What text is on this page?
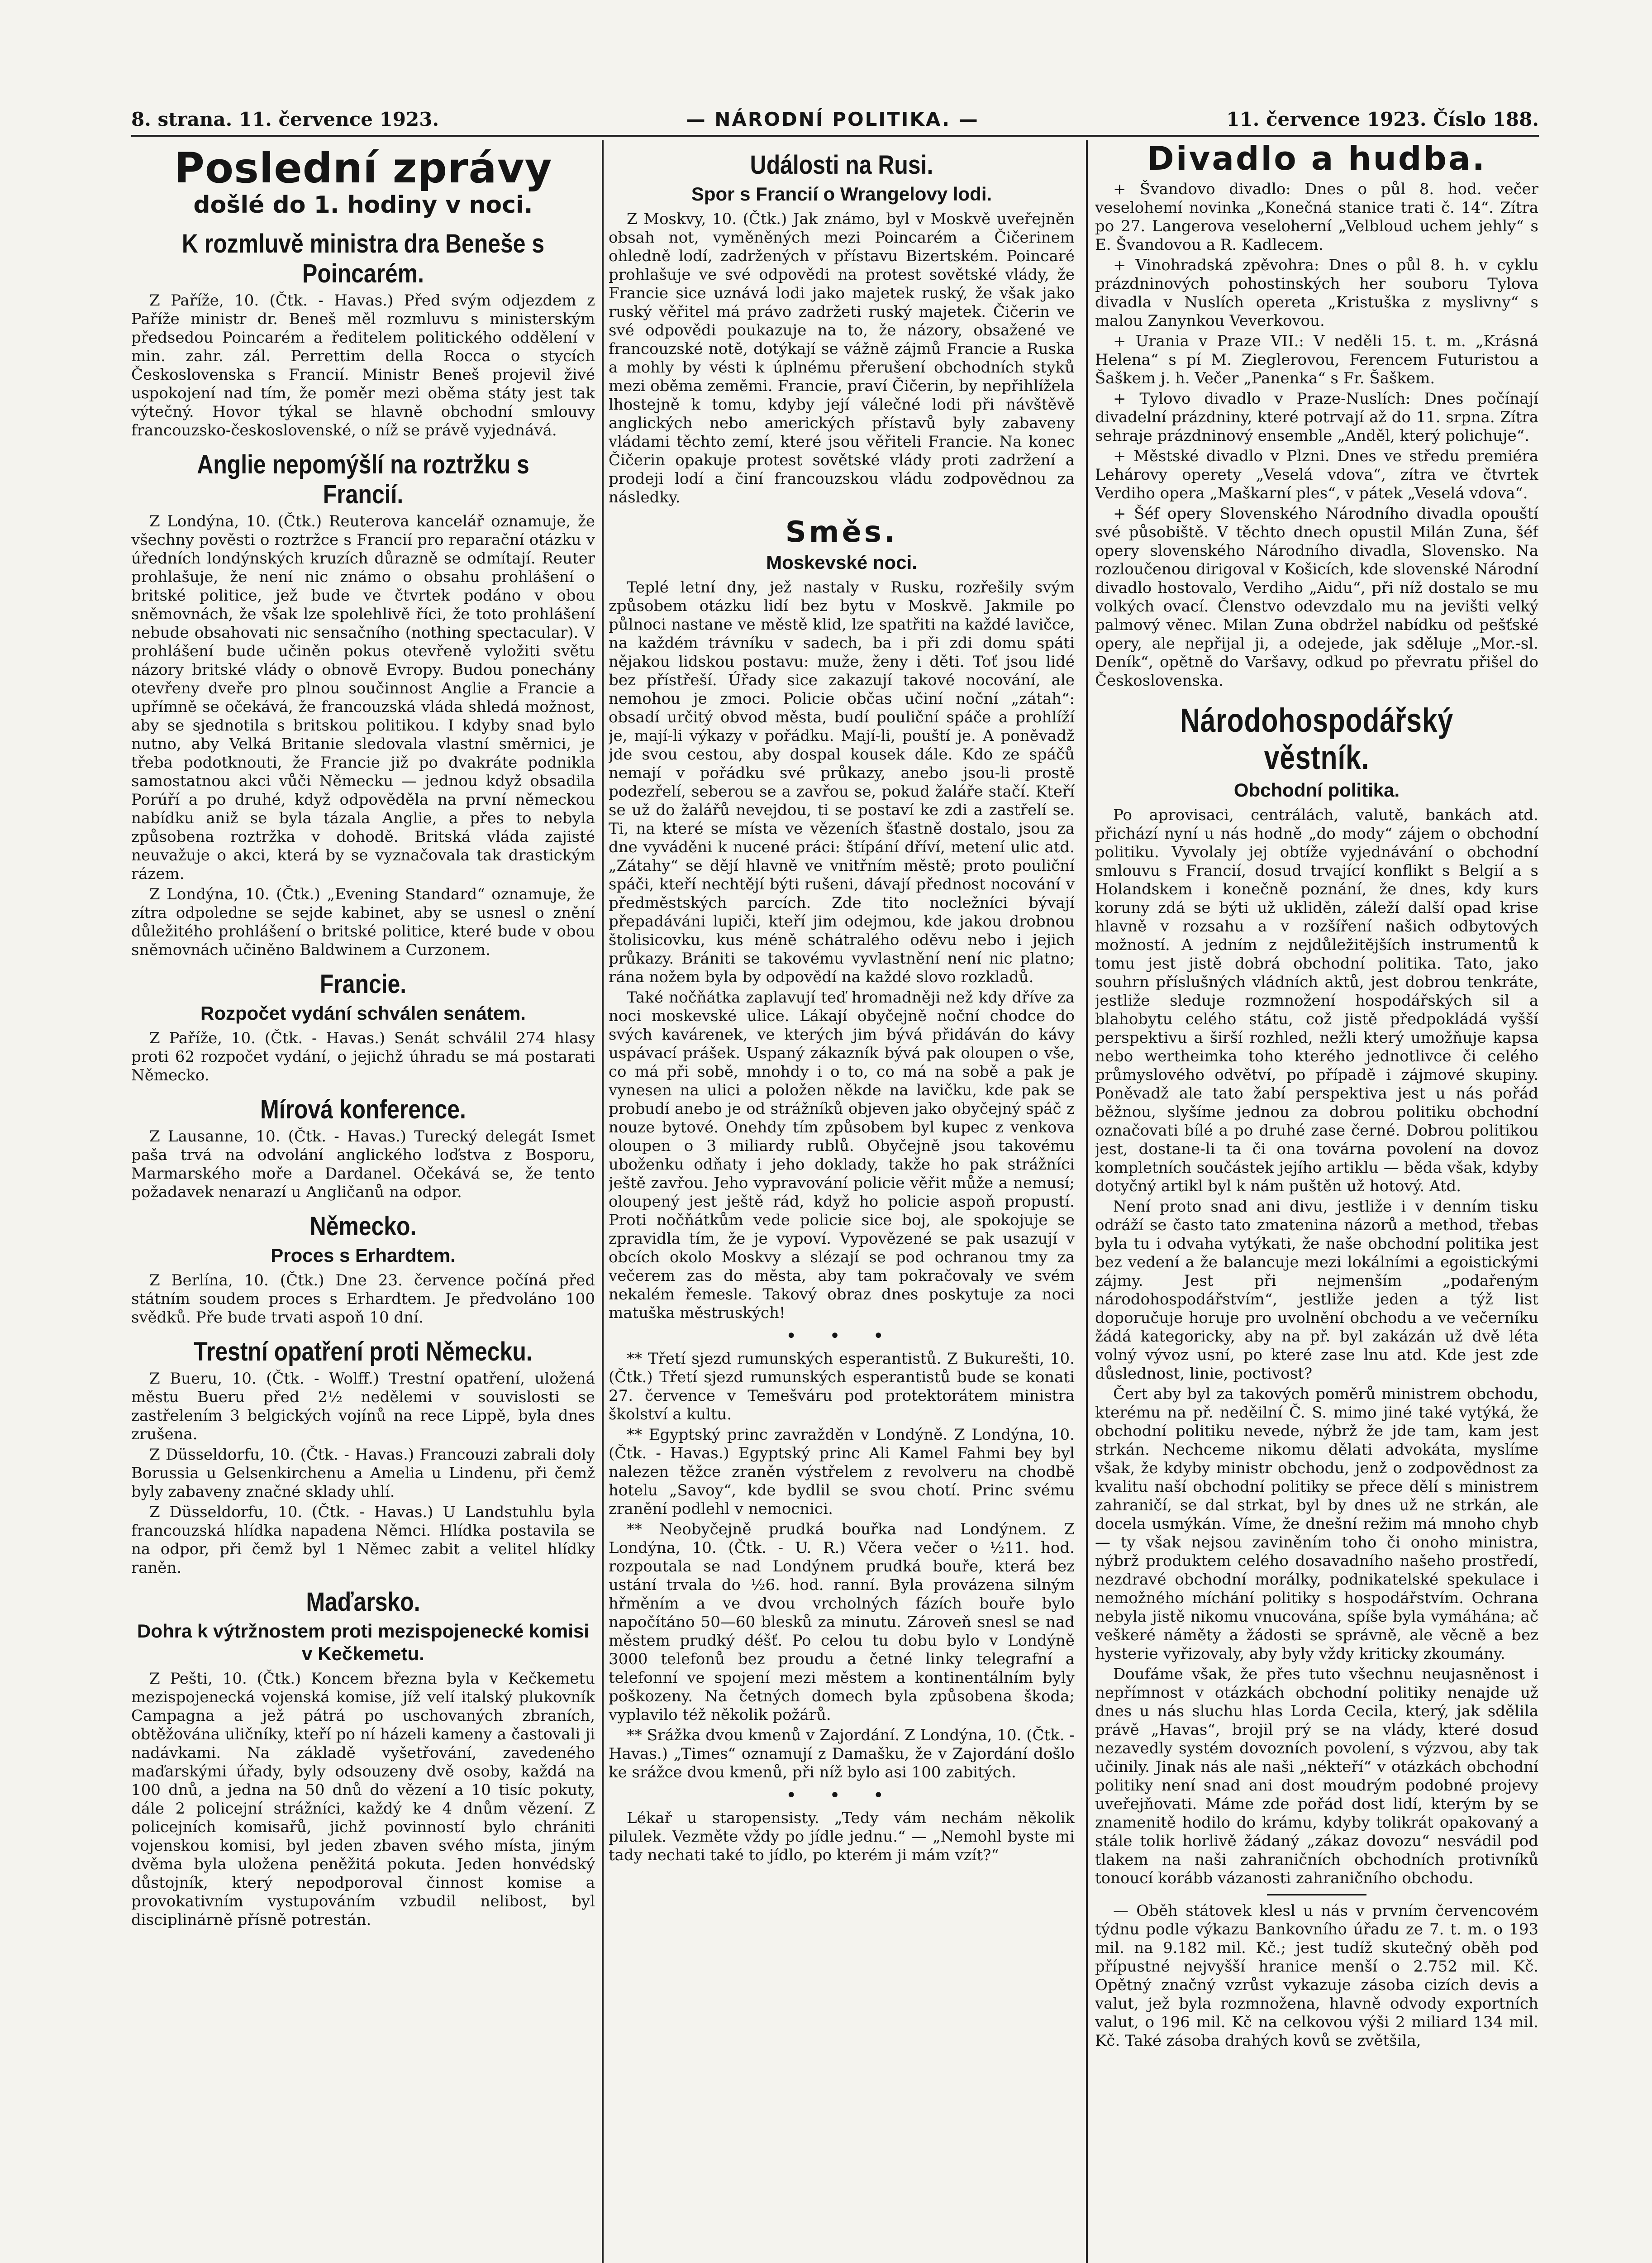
8. strana. 11. července 1923.	— NÁRODNÍ POLITIKA. —	11. července 1923. Číslo 188.
Poslední zprávy
došlé do 1. hodiny v noci.
K rozmluvě ministra dra Beneše s Poincarém.

Z Paříže, 10. (Čtk. - Havas.) Před svým odjezdem z Paříže ministr dr. Beneš měl rozmluvu s ministerským předsedou Poincarém a ředitelem politického oddělení v min. zahr. zál. Perrettim della Rocca o stycích Československa s Francií. Ministr Beneš projevil živé uspokojení nad tím, že poměr mezi oběma státy jest tak výtečný. Hovor týkal se hlavně obchodní smlouvy francouzsko-československé, o níž se právě vyjednává.

Anglie nepomýšlí na roztržku s Francií.

Z Londýna, 10. (Čtk.) Reuterova kancelář oznamuje, že všechny pověsti o roztržce s Francií pro reparační otázku v úředních londýnských kruzích důrazně se odmítají. Reuter prohlašuje, že není nic známo o obsahu prohlášení o britské politice, jež bude ve čtvrtek podáno v obou sněmovnách, že však lze spolehlivě říci, že toto prohlášení nebude obsahovati nic sensačního (nothing spectacular). V prohlášení bude učiněn pokus otevřeně vyložiti světu názory britské vlády o obnově Evropy. Budou ponechány otevřeny dveře pro plnou součinnost Anglie a Francie a upřímně se očekává, že francouzská vláda shledá možnost, aby se sjednotila s britskou politikou. I kdyby snad bylo nutno, aby Velká Britanie sledovala vlastní směrnici, je třeba podotknouti, že Francie již po dvakráte podnikla samostatnou akci vůči Německu — jednou když obsadila Porúří a po druhé, když odpověděla na první německou nabídku aniž se byla tázala Anglie, a přes to nebyla způsobena roztržka v dohodě. Britská vláda zajisté neuvažuje o akci, která by se vyznačovala tak drastickým rázem.

Z Londýna, 10. (Čtk.) „Evening Standard“ oznamuje, že zítra odpoledne se sejde kabinet, aby se usnesl o znění důležitého prohlášení o britské politice, které bude v obou sněmovnách učiněno Baldwinem a Curzonem.

Francie.
Rozpočet vydání schválen senátem.

Z Paříže, 10. (Čtk. - Havas.) Senát schválil 274 hlasy proti 62 rozpočet vydání, o jejichž úhradu se má postarati Německo.

Mírová konference.

Z Lausanne, 10. (Čtk. - Havas.) Turecký delegát Ismet paša trvá na odvolání anglického loďstva z Bosporu, Marmarského moře a Dardanel. Očekává se, že tento požadavek nenarazí u Angličanů na odpor.

Německo.
Proces s Erhardtem.

Z Berlína, 10. (Čtk.) Dne 23. července počíná před státním soudem proces s Erhardtem. Je předvoláno 100 svědků. Pře bude trvati aspoň 10 dní.

Trestní opatření proti Německu.

Z Bueru, 10. (Čtk. - Wolff.) Trestní opatření, uložená městu Bueru před 2½ nedělemi v souvislosti se zastřelením 3 belgických vojínů na rece Lippě, byla dnes zrušena.

Z Düsseldorfu, 10. (Čtk. - Havas.) Francouzi zabrali doly Borussia u Gelsenkirchenu a Amelia u Lindenu, při čemž byly zabaveny značné sklady uhlí.

Z Düsseldorfu, 10. (Čtk. - Havas.) U Landstuhlu byla francouzská hlídka napadena Němci. Hlídka postavila se na odpor, při čemž byl 1 Němec zabit a velitel hlídky raněn.

Maďarsko.
Dohra k výtržnostem proti mezispojenecké komisi v Kečkemetu.

Z Pešti, 10. (Čtk.) Koncem března byla v Kečkemetu mezispojenecká vojenská komise, jíž velí italský plukovník Campagna a jež pátrá po uschovaných zbraních, obtěžována uličníky, kteří po ní házeli kameny a častovali ji nadávkami. Na základě vyšetřování, zavedeného maďarskými úřady, byly odsouzeny dvě osoby, každá na 100 dnů, a jedna na 50 dnů do vězení a 10 tisíc pokuty, dále 2 policejní strážníci, každý ke 4 dnům vězení. Z policejních komisařů, jichž povinností bylo chrániti vojenskou komisi, byl jeden zbaven svého místa, jiným dvěma byla uložena peněžitá pokuta. Jeden honvédský důstojník, který nepodporoval činnost komise a provokativním vystupováním vzbudil nelibost, byl disciplinárně přísně potrestán.

Události na Rusi.
Spor s Francií o Wrangelovy lodi.

Z Moskvy, 10. (Čtk.) Jak známo, byl v Moskvě uveřejněn obsah not, vyměněných mezi Poincarém a Čičerinem ohledně lodí, zadržených v přístavu Bizertském. Poincaré prohlašuje ve své odpovědi na protest sovětské vlády, že Francie sice uznává lodi jako majetek ruský, že však jako ruský věřitel má právo zadržeti ruský majetek. Čičerin ve své odpovědi poukazuje na to, že názory, obsažené ve francouzské notě, dotýkají se vážně zájmů Francie a Ruska a mohly by vésti k úplnému přerušení obchodních styků mezi oběma zeměmi. Francie, praví Čičerin, by nepřihlížela lhostejně k tomu, kdyby její válečné lodi při návštěvě anglických nebo amerických přístavů byly zabaveny vládami těchto zemí, které jsou věřiteli Francie. Na konec Čičerin opakuje protest sovětské vlády proti zadržení a prodeji lodí a činí francouzskou vládu zodpovědnou za následky.

Směs.
Moskevské noci.

Teplé letní dny, jež nastaly v Rusku, rozřešily svým způsobem otázku lidí bez bytu v Moskvě. Jakmile po půlnoci nastane ve městě klid, lze spatřiti na každé lavičce, na každém trávníku v sadech, ba i při zdi domu spáti nějakou lidskou postavu: muže, ženy i děti. Toť jsou lidé bez přístřeší. Úřady sice zakazují takové nocování, ale nemohou je zmoci. Policie občas učiní noční „zátah“: obsadí určitý obvod města, budí pouliční spáče a prohlíží je, mají-li výkazy v pořádku. Mají-li, pouští je. A poněvadž jde svou cestou, aby dospal kousek dále. Kdo ze spáčů nemají v pořádku své průkazy, anebo jsou-li prostě podezřelí, seberou se a zavřou se, pokud žaláře stačí. Kteří se už do žalářů nevejdou, ti se postaví ke zdi a zastřelí se. Ti, na které se místa ve vězeních šťastně dostalo, jsou za dne vyváděni k nucené práci: štípání dříví, metení ulic atd. „Zátahy“ se dějí hlavně ve vnitřním městě; proto pouliční spáči, kteří nechtějí býti rušeni, dávají přednost nocování v předměstských parcích. Zde tito nocležníci bývají přepadáváni lupiči, kteří jim odejmou, kde jakou drobnou štolisicovku, kus méně schátralého oděvu nebo i jejich průkazy. Brániti se takovému vyvlastnění není nic platno; rána nožem byla by odpovědí na každé slovo rozkladů.

Také nočňátka zaplavují teď hromadněji než kdy dříve za noci moskevské ulice. Lákají obyčejně noční chodce do svých kavárenek, ve kterých jim bývá přidáván do kávy uspávací prášek. Uspaný zákazník bývá pak oloupen o vše, co má při sobě, mnohdy i o to, co má na sobě a pak je vynesen na ulici a položen někde na lavičku, kde pak se probudí anebo je od strážníků objeven jako obyčejný spáč z nouze bytové. Onehdy tím způsobem byl kupec z venkova oloupen o 3 miliardy rublů. Obyčejně jsou takovému uboženku odňaty i jeho doklady, takže ho pak strážníci ještě zavřou. Jeho vypravování policie věřit může a nemusí; oloupený jest ještě rád, když ho policie aspoň propustí. Proti nočňátkům vede policie sice boj, ale spokojuje se zpravidla tím, že je vypoví. Vypovězené se pak usazují v obcích okolo Moskvy a slézají se pod ochranou tmy za večerem zas do města, aby tam pokračovaly ve svém nekalém řemesle. Takový obraz dnes poskytuje za noci matuška městruských!

• • •

** Třetí sjezd rumunských esperantistů. Z Bukurešti, 10. (Čtk.) Třetí sjezd rumunských esperantistů bude se konati 27. července v Temešváru pod protektorátem ministra školství a kultu.

** Egyptský princ zavražděn v Londýně. Z Londýna, 10. (Čtk. - Havas.) Egyptský princ Ali Kamel Fahmi bey byl nalezen těžce zraněn výstřelem z revolveru na chodbě hotelu „Savoy“, kde bydlil se svou chotí. Princ svému zranění podlehl v nemocnici.

** Neobyčejně prudká bouřka nad Londýnem. Z Londýna, 10. (Čtk. - U. R.) Včera večer o ½11. hod. rozpoutala se nad Londýnem prudká bouře, která bez ustání trvala do ½6. hod. ranní. Byla provázena silným hřměním a ve dvou vrcholných fázích bouře bylo napočítáno 50—60 blesků za minutu. Zároveň snesl se nad městem prudký déšť. Po celou tu dobu bylo v Londýně 3000 telefonů bez proudu a četné linky telegrafní a telefonní ve spojení mezi městem a kontinentálním byly poškozeny. Na četných domech byla způsobena škoda; vyplavilo též několik požárů.

** Srážka dvou kmenů v Zajordání. Z Londýna, 10. (Čtk. - Havas.) „Times“ oznamují z Damašku, že v Zajordání došlo ke srážce dvou kmenů, při níž bylo asi 100 zabitých.

• • •

Lékař u staropensisty. „Tedy vám nechám několik pilulek. Vezměte vždy po jídle jednu.“ — „Nemohl byste mi tady nechati také to jídlo, po kterém ji mám vzít?“

Divadlo a hudba.

+ Švandovo divadlo: Dnes o půl 8. hod. večer veselohemí novinka „Konečná stanice trati č. 14“. Zítra po 27. Langerova veseloherní „Velbloud uchem jehly“ s E. Švandovou a R. Kadlecem.

+ Vinohradská zpěvohra: Dnes o půl 8. h. v cyklu prázdninových pohostinských her souboru Tylova divadla v Nuslích opereta „Kristuška z myslivny“ s malou Zanynkou Veverkovou.

+ Urania v Praze VII.: V neděli 15. t. m. „Krásná Helena“ s pí M. Zieglerovou, Ferencem Futuristou a Šaškem j. h. Večer „Panenka“ s Fr. Šaškem.

+ Tylovo divadlo v Praze-Nuslích: Dnes počínají divadelní prázdniny, které potrvají až do 11. srpna. Zítra sehraje prázdninový ensemble „Anděl, který polichuje“.

+ Městské divadlo v Plzni. Dnes ve středu premiéra Lehárovy operety „Veselá vdova“, zítra ve čtvrtek Verdiho opera „Maškarní ples“, v pátek „Veselá vdova“.

+ Šéf opery Slovenského Národního divadla opouští své působiště. V těchto dnech opustil Milán Zuna, šéf opery slovenského Národního divadla, Slovensko. Na rozloučenou dirigoval v Košicích, kde slovenské Národní divadlo hostovalo, Verdiho „Aidu“, při níž dostalo se mu volkých ovací. Členstvo odevzdalo mu na jevišti velký palmový věnec. Milan Zuna obdržel nabídku od pešťské opery, ale nepřijal ji, a odejede, jak sděluje „Mor.-sl. Deník“, opětně do Varšavy, odkud po převratu přišel do Československa.

Národohospodářský věstník.
Obchodní politika.

Po aprovisaci, centrálách, valutě, bankách atd. přichází nyní u nás hodně „do mody“ zájem o obchodní politiku. Vyvolaly jej obtíže vyjednávání o obchodní smlouvu s Francií, dosud trvající konflikt s Belgií a s Holandskem i konečně poznání, že dnes, kdy kurs koruny zdá se býti už ukliděn, záleží další opad krise hlavně v rozsahu a v rozšíření našich odbytových možností. A jedním z nejdůležitějších instrumentů k tomu jest jistě dobrá obchodní politika. Tato, jako souhrn příslušných vládních aktů, jest dobrou tenkráte, jestliže sleduje rozmnožení hospodářských sil a blahobytu celého státu, což jistě předpokládá vyšší perspektivu a širší rozhled, nežli který umožňuje kapsa nebo wertheimka toho kterého jednotlivce či celého průmyslového odvětví, po případě i zájmové skupiny. Poněvadž ale tato žabí perspektiva jest u nás pořád běžnou, slyšíme jednou za dobrou politiku obchodní označovati bílé a po druhé zase černé. Dobrou politikou jest, dostane-li ta či ona továrna povolení na dovoz kompletních součástek jejího artiklu — běda však, kdyby dotyčný artikl byl k nám puštěn už hotový. Atd.

Není proto snad ani divu, jestliže i v denním tisku odráží se často tato zmatenina názorů a method, třebas byla tu i odvaha vytýkati, že naše obchodní politika jest bez vedení a že balancuje mezi lokálními a egoistickými zájmy. Jest při nejmenším „podařeným národohospodářstvím“, jestliže jeden a týž list doporučuje horuje pro uvolnění obchodu a ve večerníku žádá kategoricky, aby na př. byl zakázán už dvě léta volný vývoz usní, po které zase lnu atd. Kde jest zde důslednost, linie, poctivost?

Čert aby byl za takových poměrů ministrem obchodu, kterému na př. neděilní Č. S. mimo jiné také vytýká, že obchodní politiku nevede, nýbrž že jde tam, kam jest strkán. Nechceme nikomu dělati advokáta, myslíme však, že kdyby ministr obchodu, jenž o zodpovědnost za kvalitu naší obchodní politiky se přece dělí s ministrem zahraničí, se dal strkat, byl by dnes už ne strkán, ale docela usmýkán. Víme, že dnešní režim má mnoho chyb — ty však nejsou zaviněním toho či onoho ministra, nýbrž produktem celého dosavadního našeho prostředí, nezdravé obchodní morálky, podnikatelské spekulace i nemožného míchání politiky s hospodářstvím. Ochrana nebyla jistě nikomu vnucována, spíše byla vymáhána; ač veškeré náměty a žádosti se správně, ale věcně a bez hysterie vyřizovaly, aby byly vždy kriticky zkoumány.

Doufáme však, že přes tuto všechnu neujasněnost i nepřímnost v otázkách obchodní politiky nenajde už dnes u nás sluchu hlas Lorda Cecila, který, jak sdělila právě „Havas“, brojil prý se na vlády, které dosud nezavedly systém dovozních povolení, s výzvou, aby tak učinily. Jinak nás ale naši „nékteří“ v otázkách obchodní politiky není snad ani dost moudrým podobné projevy uveřejňovati. Máme zde pořád dost lidí, kterým by se znamenitě hodilo do krámu, kdyby tolikrát opakovaný a stále tolik horlivě žádaný „zákaz dovozu“ nesvádil pod tlakem na naši zahraničních obchodních protivníků tonoucí korább vázanosti zahraničního obchodu.

— Oběh státovek klesl u nás v prvním červencovém týdnu podle výkazu Bankovního úřadu ze 7. t. m. o 193 mil. na 9.182 mil. Kč.; jest tudíž skutečný oběh pod přípustné nejvyšší hranice menší o 2.752 mil. Kč. Opětný značný vzrůst vykazuje zásoba cizích devis a valut, jež byla rozmnožena, hlavně odvody exportních valut, o 196 mil. Kč na celkovou výši 2 miliard 134 mil. Kč. Také zásoba drahých kovů se zvětšila,
